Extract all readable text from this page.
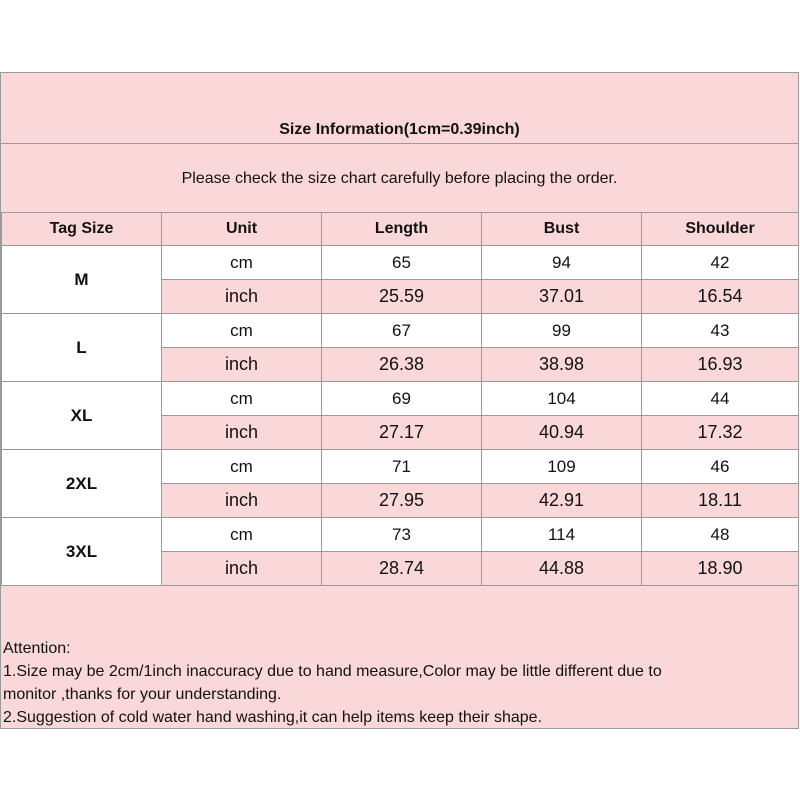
Size Information(1cm=0.39inch)
Please check the size chart carefully before placing the order.
Tag Size	Unit	Length	Bust	Shoulder
M	cm	65	94	42
	inch	25.59	37.01	16.54
L	cm	67	99	43
	inch	26.38	38.98	16.93
XL	cm	69	104	44
	inch	27.17	40.94	17.32
2XL	cm	71	109	46
	inch	27.95	42.91	18.11
3XL	cm	73	114	48
	inch	28.74	44.88	18.90

Attention:

1.Size may be 2cm/1inch inaccuracy due to hand measure,Color may be little different due to

monitor ,thanks for your understanding.

2.Suggestion of cold water hand washing,it can help items keep their shape.
